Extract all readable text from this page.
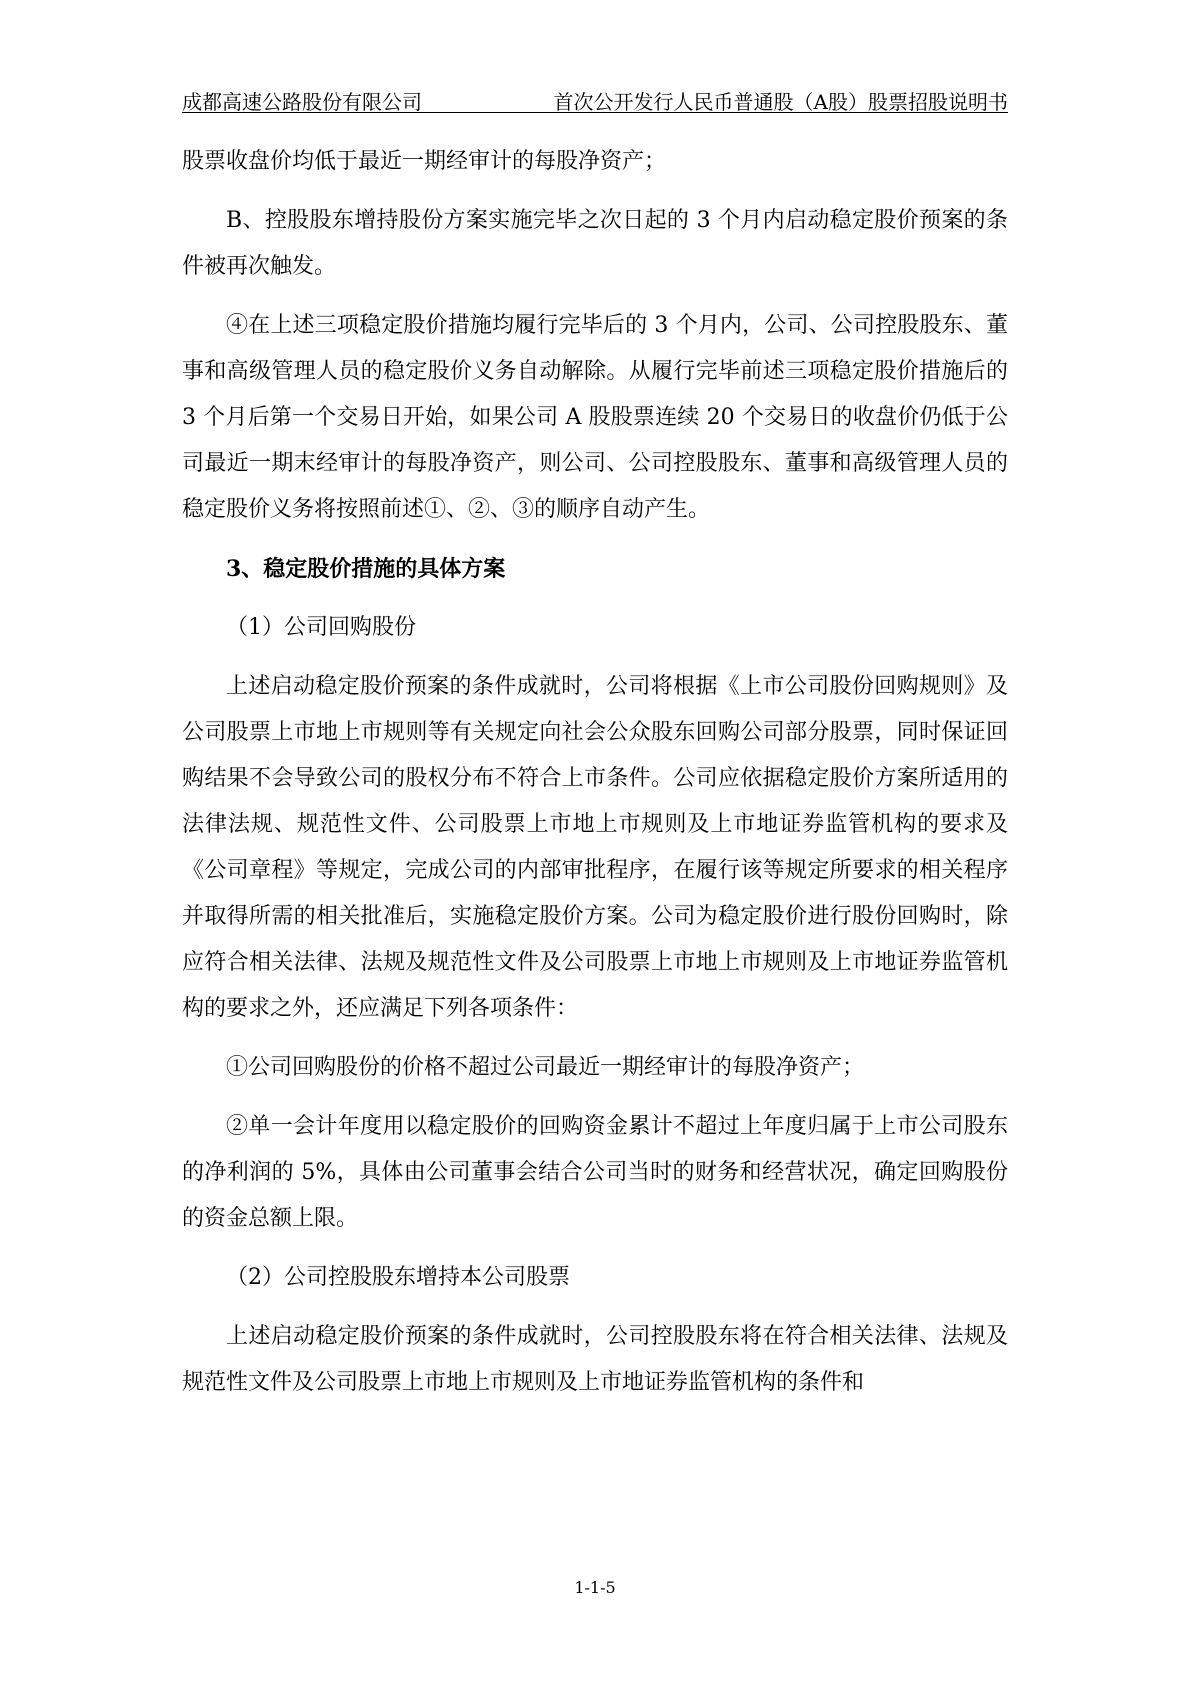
成都高速公路股份有限公司	首次公开发行人民币普通股（A股）股票招股说明书

股票收盘价均低于最近一期经审计的每股净资产；

B、控股股东增持股份方案实施完毕之次日起的 3 个月内启动稳定股价预案的条件被再次触发。

④在上述三项稳定股价措施均履行完毕后的 3 个月内，公司、公司控股股东、董事和高级管理人员的稳定股价义务自动解除。从履行完毕前述三项稳定股价措施后的 3 个月后第一个交易日开始，如果公司 A 股股票连续 20 个交易日的收盘价仍低于公司最近一期末经审计的每股净资产，则公司、公司控股股东、董事和高级管理人员的稳定股价义务将按照前述①、②、③的顺序自动产生。

3、稳定股价措施的具体方案

（1）公司回购股份

上述启动稳定股价预案的条件成就时，公司将根据《上市公司股份回购规则》及公司股票上市地上市规则等有关规定向社会公众股东回购公司部分股票，同时保证回购结果不会导致公司的股权分布不符合上市条件。公司应依据稳定股价方案所适用的法律法规、规范性文件、公司股票上市地上市规则及上市地证券监管机构的要求及《公司章程》等规定，完成公司的内部审批程序，在履行该等规定所要求的相关程序并取得所需的相关批准后，实施稳定股价方案。公司为稳定股价进行股份回购时，除应符合相关法律、法规及规范性文件及公司股票上市地上市规则及上市地证券监管机构的要求之外，还应满足下列各项条件：

①公司回购股份的价格不超过公司最近一期经审计的每股净资产；

②单一会计年度用以稳定股价的回购资金累计不超过上年度归属于上市公司股东的净利润的 5%，具体由公司董事会结合公司当时的财务和经营状况，确定回购股份的资金总额上限。

（2）公司控股股东增持本公司股票

上述启动稳定股价预案的条件成就时，公司控股股东将在符合相关法律、法规及规范性文件及公司股票上市地上市规则及上市地证券监管机构的条件和

1-1-5
